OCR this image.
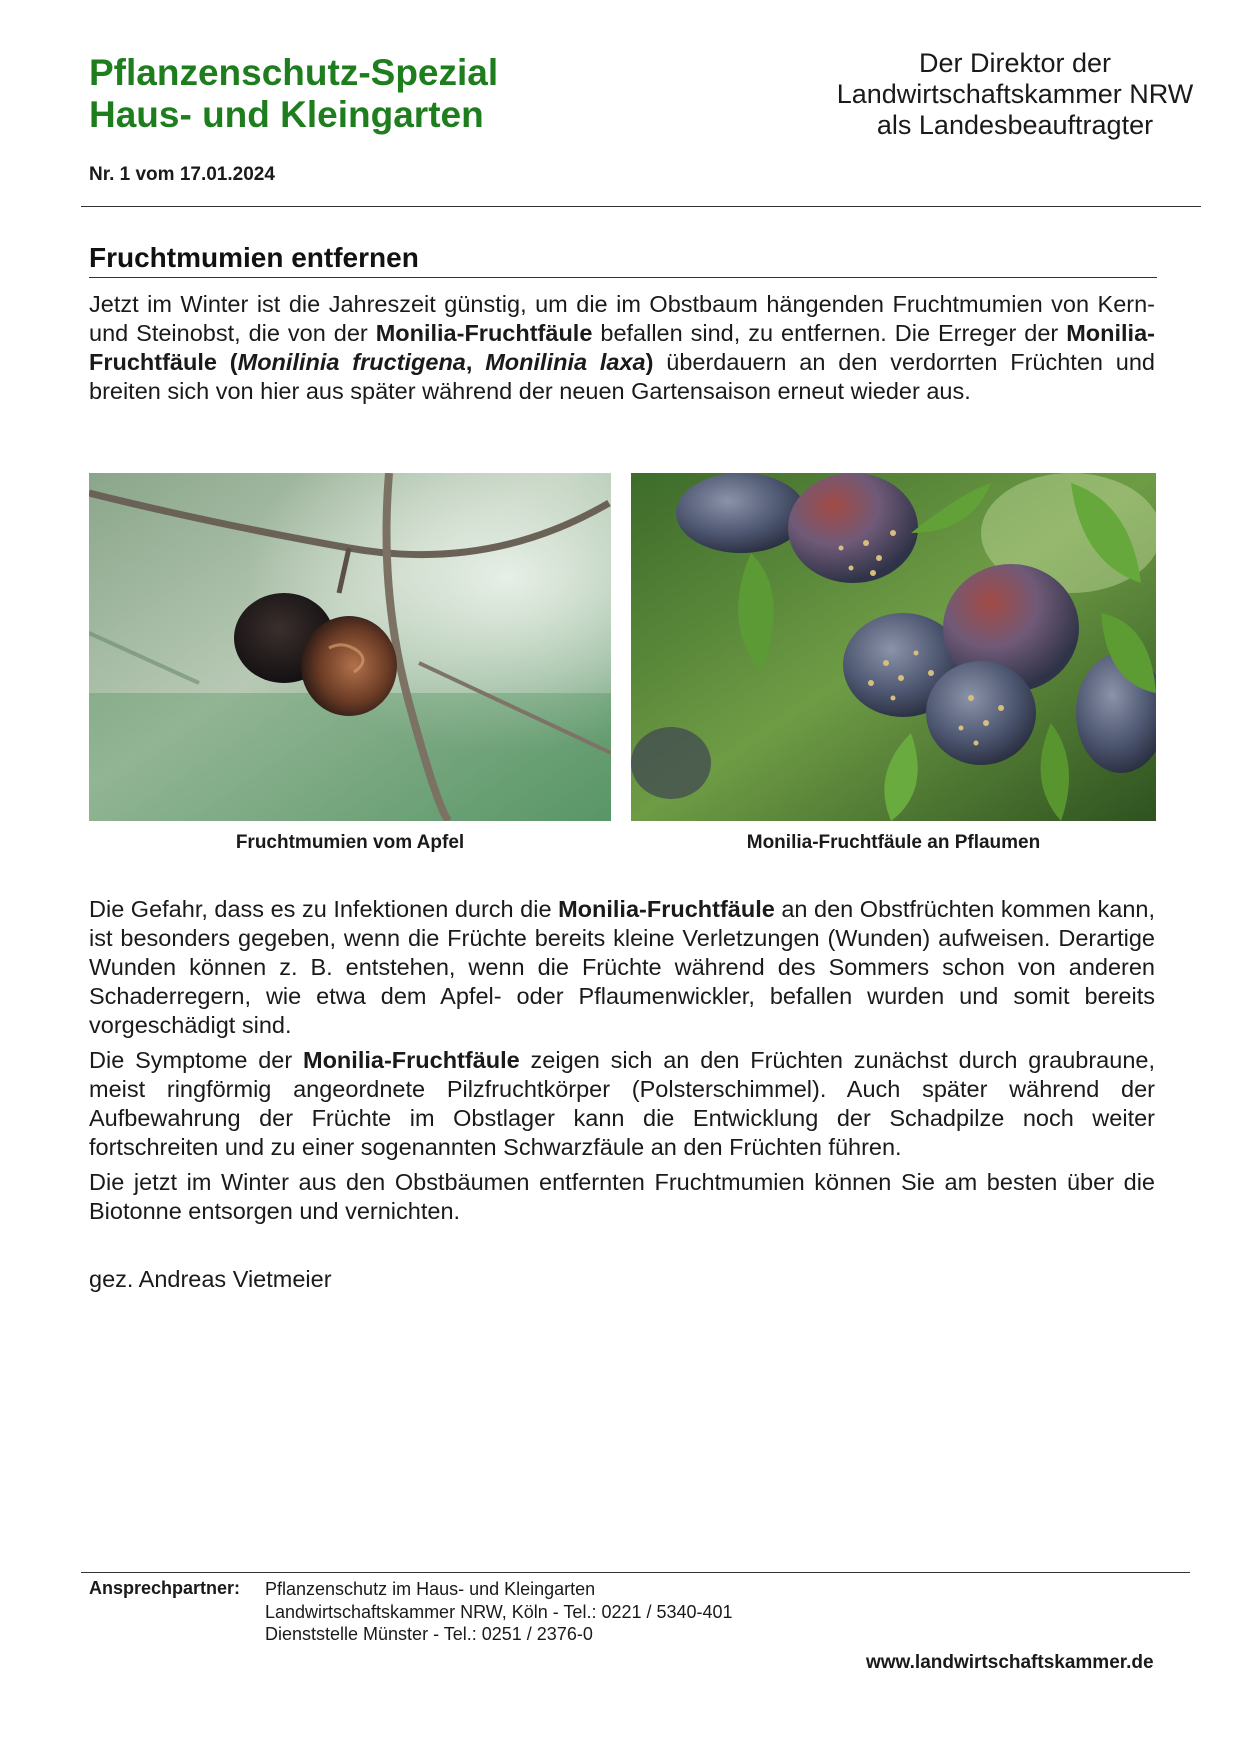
Pflanzenschutz-Spezial
Haus- und Kleingarten
Der Direktor der
Landwirtschaftskammer NRW
als Landesbeauftragter
Nr. 1 vom 17.01.2024
Fruchtmumien entfernen
Jetzt im Winter ist die Jahreszeit günstig, um die im Obstbaum hängenden Fruchtmumien von Kern- und Steinobst, die von der Monilia-Fruchtfäule befallen sind, zu entfernen. Die Erreger der Monilia-Fruchtfäule (Monilinia fructigena, Monilinia laxa) überdauern an den verdorrten Früchten und breiten sich von hier aus später während der neuen Gartensaison erneut wieder aus.
Fruchtmumien vom Apfel	Monilia-Fruchtfäule an Pflaumen
Die Gefahr, dass es zu Infektionen durch die Monilia-Fruchtfäule an den Obstfrüchten kommen kann, ist besonders gegeben, wenn die Früchte bereits kleine Verletzungen (Wunden) aufweisen. Derartige Wunden können z. B. entstehen, wenn die Früchte während des Sommers schon von anderen Schaderregern, wie etwa dem Apfel- oder Pflaumenwickler, befallen wurden und somit bereits vorgeschädigt sind.
Die Symptome der Monilia-Fruchtfäule zeigen sich an den Früchten zunächst durch graubraune, meist ringförmig angeordnete Pilzfruchtkörper (Polsterschimmel). Auch später während der Aufbewahrung der Früchte im Obstlager kann die Entwicklung der Schadpilze noch weiter fortschreiten und zu einer sogenannten Schwarzfäule an den Früchten führen.
Die jetzt im Winter aus den Obstbäumen entfernten Fruchtmumien können Sie am besten über die Biotonne entsorgen und vernichten.
gez. Andreas Vietmeier
Ansprechpartner: Pflanzenschutz im Haus- und Kleingarten
Landwirtschaftskammer NRW, Köln - Tel.: 0221 / 5340-401
Dienststelle Münster - Tel.: 0251 / 2376-0
www.landwirtschaftskammer.de
